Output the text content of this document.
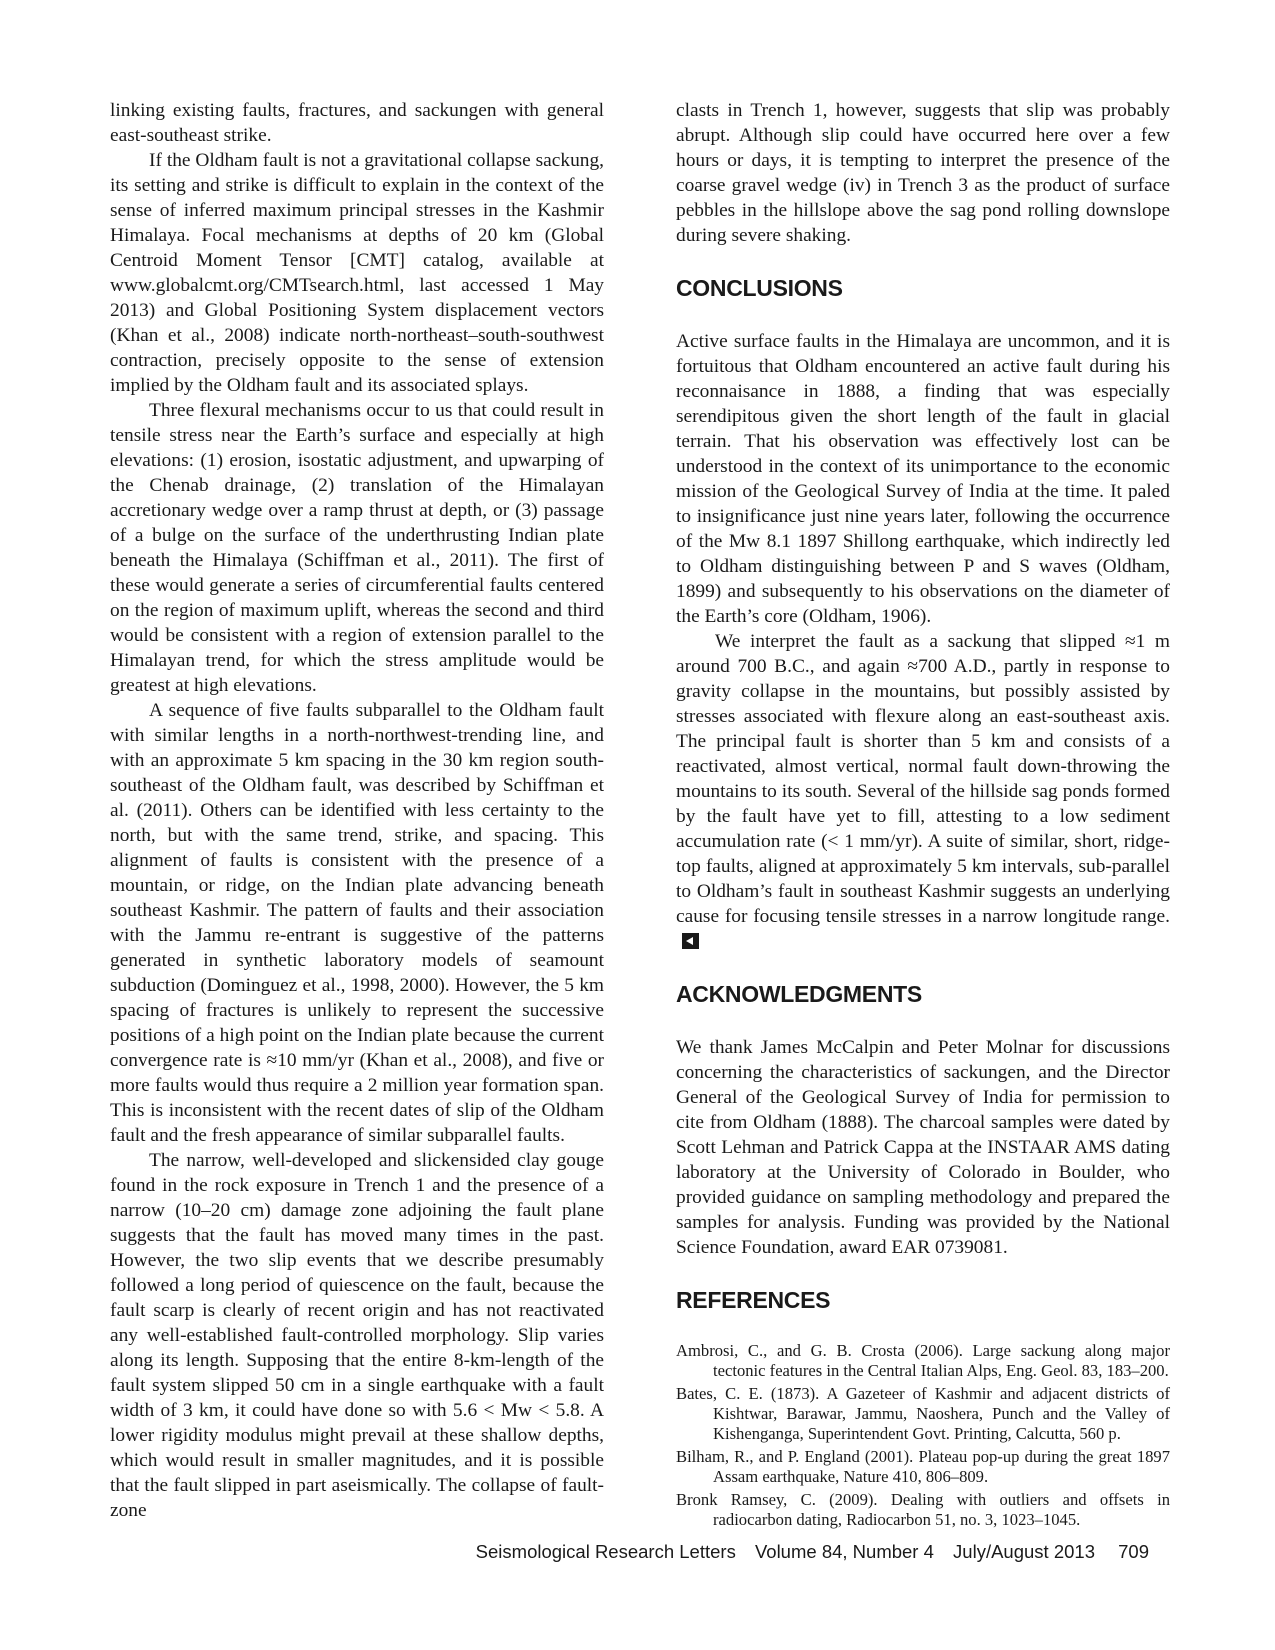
linking existing faults, fractures, and sackungen with general east-southeast strike.

If the Oldham fault is not a gravitational collapse sackung, its setting and strike is difficult to explain in the context of the sense of inferred maximum principal stresses in the Kashmir Himalaya. Focal mechanisms at depths of 20 km (Global Centroid Moment Tensor [CMT] catalog, available at www.globalcmt.org/CMTsearch.html, last accessed 1 May 2013) and Global Positioning System displacement vectors (Khan et al., 2008) indicate north-northeast–south-southwest contraction, precisely opposite to the sense of extension implied by the Oldham fault and its associated splays.

Three flexural mechanisms occur to us that could result in tensile stress near the Earth’s surface and especially at high elevations: (1) erosion, isostatic adjustment, and upwarping of the Chenab drainage, (2) translation of the Himalayan accretionary wedge over a ramp thrust at depth, or (3) passage of a bulge on the surface of the underthrusting Indian plate beneath the Himalaya (Schiffman et al., 2011). The first of these would generate a series of circumferential faults centered on the region of maximum uplift, whereas the second and third would be consistent with a region of extension parallel to the Himalayan trend, for which the stress amplitude would be greatest at high elevations.

A sequence of five faults subparallel to the Oldham fault with similar lengths in a north-northwest-trending line, and with an approximate 5 km spacing in the 30 km region south-southeast of the Oldham fault, was described by Schiffman et al. (2011). Others can be identified with less certainty to the north, but with the same trend, strike, and spacing. This alignment of faults is consistent with the presence of a mountain, or ridge, on the Indian plate advancing beneath southeast Kashmir. The pattern of faults and their association with the Jammu re-entrant is suggestive of the patterns generated in synthetic laboratory models of seamount subduction (Dominguez et al., 1998, 2000). However, the 5 km spacing of fractures is unlikely to represent the successive positions of a high point on the Indian plate because the current convergence rate is ≈10 mm/yr (Khan et al., 2008), and five or more faults would thus require a 2 million year formation span. This is inconsistent with the recent dates of slip of the Oldham fault and the fresh appearance of similar subparallel faults.

The narrow, well-developed and slickensided clay gouge found in the rock exposure in Trench 1 and the presence of a narrow (10–20 cm) damage zone adjoining the fault plane suggests that the fault has moved many times in the past. However, the two slip events that we describe presumably followed a long period of quiescence on the fault, because the fault scarp is clearly of recent origin and has not reactivated any well-established fault-controlled morphology. Slip varies along its length. Supposing that the entire 8-km-length of the fault system slipped 50 cm in a single earthquake with a fault width of 3 km, it could have done so with 5.6 < Mw < 5.8. A lower rigidity modulus might prevail at these shallow depths, which would result in smaller magnitudes, and it is possible that the fault slipped in part aseismically. The collapse of fault-zone

clasts in Trench 1, however, suggests that slip was probably abrupt. Although slip could have occurred here over a few hours or days, it is tempting to interpret the presence of the coarse gravel wedge (iv) in Trench 3 as the product of surface pebbles in the hillslope above the sag pond rolling downslope during severe shaking.

CONCLUSIONS

Active surface faults in the Himalaya are uncommon, and it is fortuitous that Oldham encountered an active fault during his reconnaisance in 1888, a finding that was especially serendipitous given the short length of the fault in glacial terrain. That his observation was effectively lost can be understood in the context of its unimportance to the economic mission of the Geological Survey of India at the time. It paled to insignificance just nine years later, following the occurrence of the Mw 8.1 1897 Shillong earthquake, which indirectly led to Oldham distinguishing between P and S waves (Oldham, 1899) and subsequently to his observations on the diameter of the Earth’s core (Oldham, 1906).

We interpret the fault as a sackung that slipped ≈1 m around 700 B.C., and again ≈700 A.D., partly in response to gravity collapse in the mountains, but possibly assisted by stresses associated with flexure along an east-southeast axis. The principal fault is shorter than 5 km and consists of a reactivated, almost vertical, normal fault down-throwing the mountains to its south. Several of the hillside sag ponds formed by the fault have yet to fill, attesting to a low sediment accumulation rate (< 1 mm/yr). A suite of similar, short, ridge-top faults, aligned at approximately 5 km intervals, sub-parallel to Oldham’s fault in southeast Kashmir suggests an underlying cause for focusing tensile stresses in a narrow longitude range.

ACKNOWLEDGMENTS

We thank James McCalpin and Peter Molnar for discussions concerning the characteristics of sackungen, and the Director General of the Geological Survey of India for permission to cite from Oldham (1888). The charcoal samples were dated by Scott Lehman and Patrick Cappa at the INSTAAR AMS dating laboratory at the University of Colorado in Boulder, who provided guidance on sampling methodology and prepared the samples for analysis. Funding was provided by the National Science Foundation, award EAR 0739081.

REFERENCES
Ambrosi, C., and G. B. Crosta (2006). Large sackung along major tectonic features in the Central Italian Alps, Eng. Geol. 83, 183–200.
Bates, C. E. (1873). A Gazeteer of Kashmir and adjacent districts of Kishtwar, Barawar, Jammu, Naoshera, Punch and the Valley of Kishenganga, Superintendent Govt. Printing, Calcutta, 560 p.
Bilham, R., and P. England (2001). Plateau pop-up during the great 1897 Assam earthquake, Nature 410, 806–809.
Bronk Ramsey, C. (2009). Dealing with outliers and offsets in radiocarbon dating, Radiocarbon 51, no. 3, 1023–1045.
Seismological Research Letters Volume 84, Number 4 July/August 2013 709
